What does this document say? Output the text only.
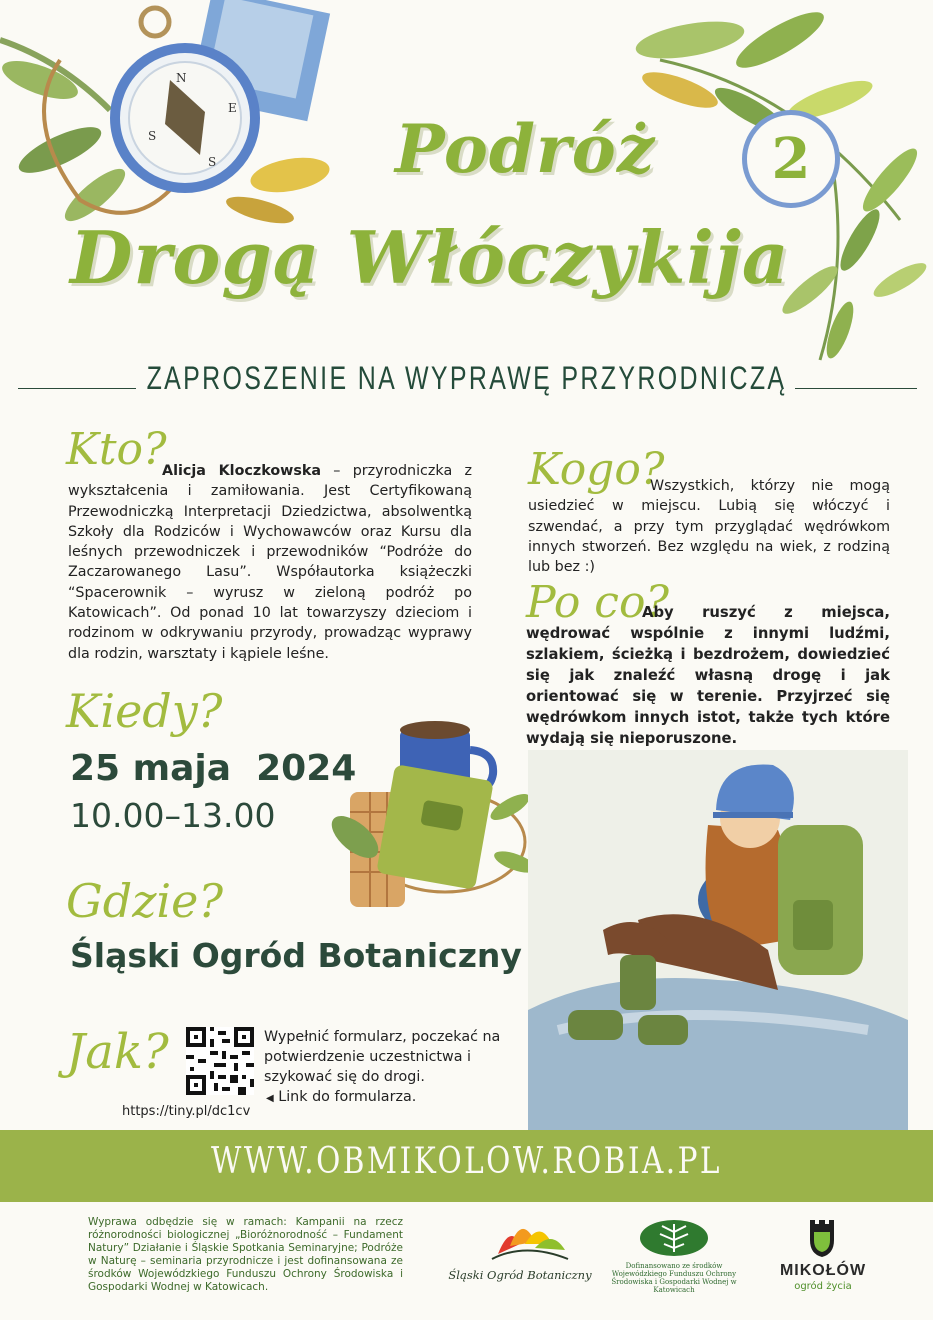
N
E
S
S	Podróż	2
Drogą Włóczykija
ZAPROSZENIE NA WYPRAWĘ PRZYRODNICZĄ
Kto?
Alicja Kloczkowska – przyrodniczka z wykształcenia i zamiłowania. Jest Certyfikowaną Przewodniczką Interpretacji Dziedzictwa, absolwentką Szkoły dla Rodziców i Wychowawców oraz Kursu dla leśnych przewodniczek i przewodników “Podróże do Zaczarowanego Lasu”. Współautorka książeczki “Spacerownik – wyrusz w zieloną podróż po Katowicach”. Od ponad 10 lat towarzyszy dzieciom i rodzinom w odkrywaniu przyrody, prowadząc wyprawy dla rodzin, warsztaty i kąpiele leśne.
Kogo?
Wszystkich, którzy nie mogą usiedzieć w miejscu. Lubią się włóczyć i szwendać, a przy tym przyglądać wędrówkom innych stworzeń. Bez względu na wiek, z rodziną lub bez :)
Po co?
Aby ruszyć z miejsca, wędrować wspólnie z innymi ludźmi, szlakiem, ścieżką i bezdrożem, dowiedzieć się jak znaleźć własną drogę i jak orientować się w terenie. Przyjrzeć się wędrówkom innych istot, także tych które wydają się nieporuszone.
Kiedy?
25 maja  2024
10.00–13.00
Gdzie?
Śląski Ogród Botaniczny
Jak?	Wypełnić formularz, poczekać na potwierdzenie uczestnictwa i szykować się do drogi.
◀ Link do formularza.
https://tiny.pl/dc1cv
WWW.OBMIKOLOW.ROBIA.PL
Wyprawa odbędzie się w ramach: Kampanii na rzecz różnorodności biologicznej „Bioróżnorodność – Fundament Natury” Działanie i Śląskie Spotkania Seminaryjne; Podróże w Naturę – seminaria przyrodnicze i jest dofinansowana ze środków Wojewódzkiego Funduszu Ochrony Środowiska i Gospodarki Wodnej w Katowicach.
Śląski Ogród Botaniczny
Dofinansowano ze środków Wojewódzkiego Funduszu Ochrony Środowiska i Gospodarki Wodnej w Katowicach
MIKOŁÓW
ogród życia
